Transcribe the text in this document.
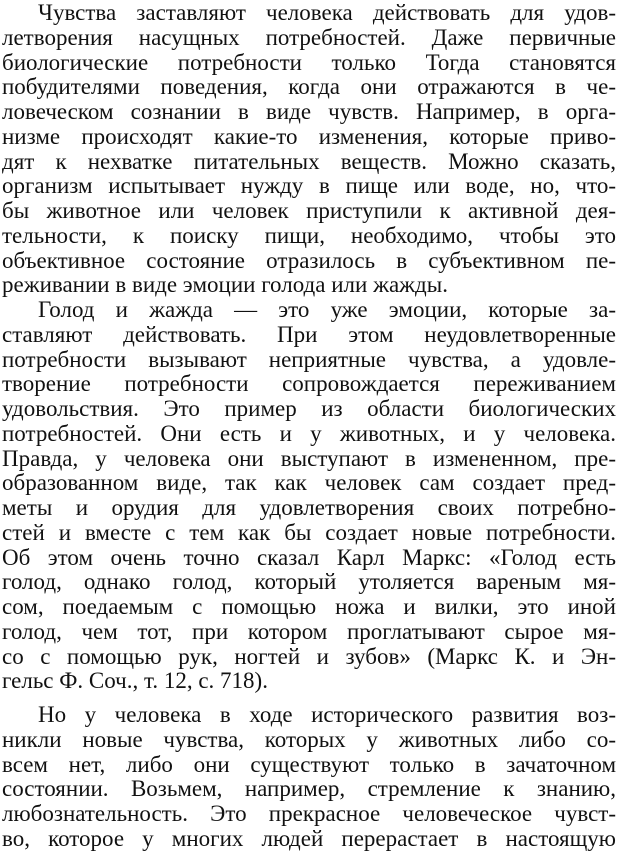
Чувства заставляют человека действовать для удов-
летворения насущных потребностей. Даже первичные
биологические потребности только Тогда становятся
побудителями поведения, когда они отражаются в че-
ловеческом сознании в виде чувств. Например, в орга-
низме происходят какие-то изменения, которые приво-
дят к нехватке питательных веществ. Можно сказать,
организм испытывает нужду в пище или воде, но, что-
бы животное или человек приступили к активной дея-
тельности, к поиску пищи, необходимо, чтобы это
объективное состояние отразилось в субъективном пе-
реживании в виде эмоции голода или жажды.
Голод и жажда — это уже эмоции, которые за-
ставляют действовать. При этом неудовлетворенные
потребности вызывают неприятные чувства, а удовле-
творение потребности сопровождается переживанием
удовольствия. Это пример из области биологических
потребностей. Они есть и у животных, и у человека.
Правда, у человека они выступают в измененном, пре-
образованном виде, так как человек сам создает пред-
меты и орудия для удовлетворения своих потребно-
стей и вместе с тем как бы создает новые потребности.
Об этом очень точно сказал Карл Маркс: «Голод есть
голод, однако голод, который утоляется вареным мя-
сом, поедаемым с помощью ножа и вилки, это иной
голод, чем тот, при котором проглатывают сырое мя-
со с помощью рук, ногтей и зубов» (Маркс К. и Эн-
гельс Ф. Соч., т. 12, с. 718).
Но у человека в ходе исторического развития воз-
никли новые чувства, которых у животных либо со-
всем нет, либо они существуют только в зачаточном
состоянии. Возьмем, например, стремление к знанию,
любознательность. Это прекрасное человеческое чувст-
во, которое у многих людей перерастает в настоящую
